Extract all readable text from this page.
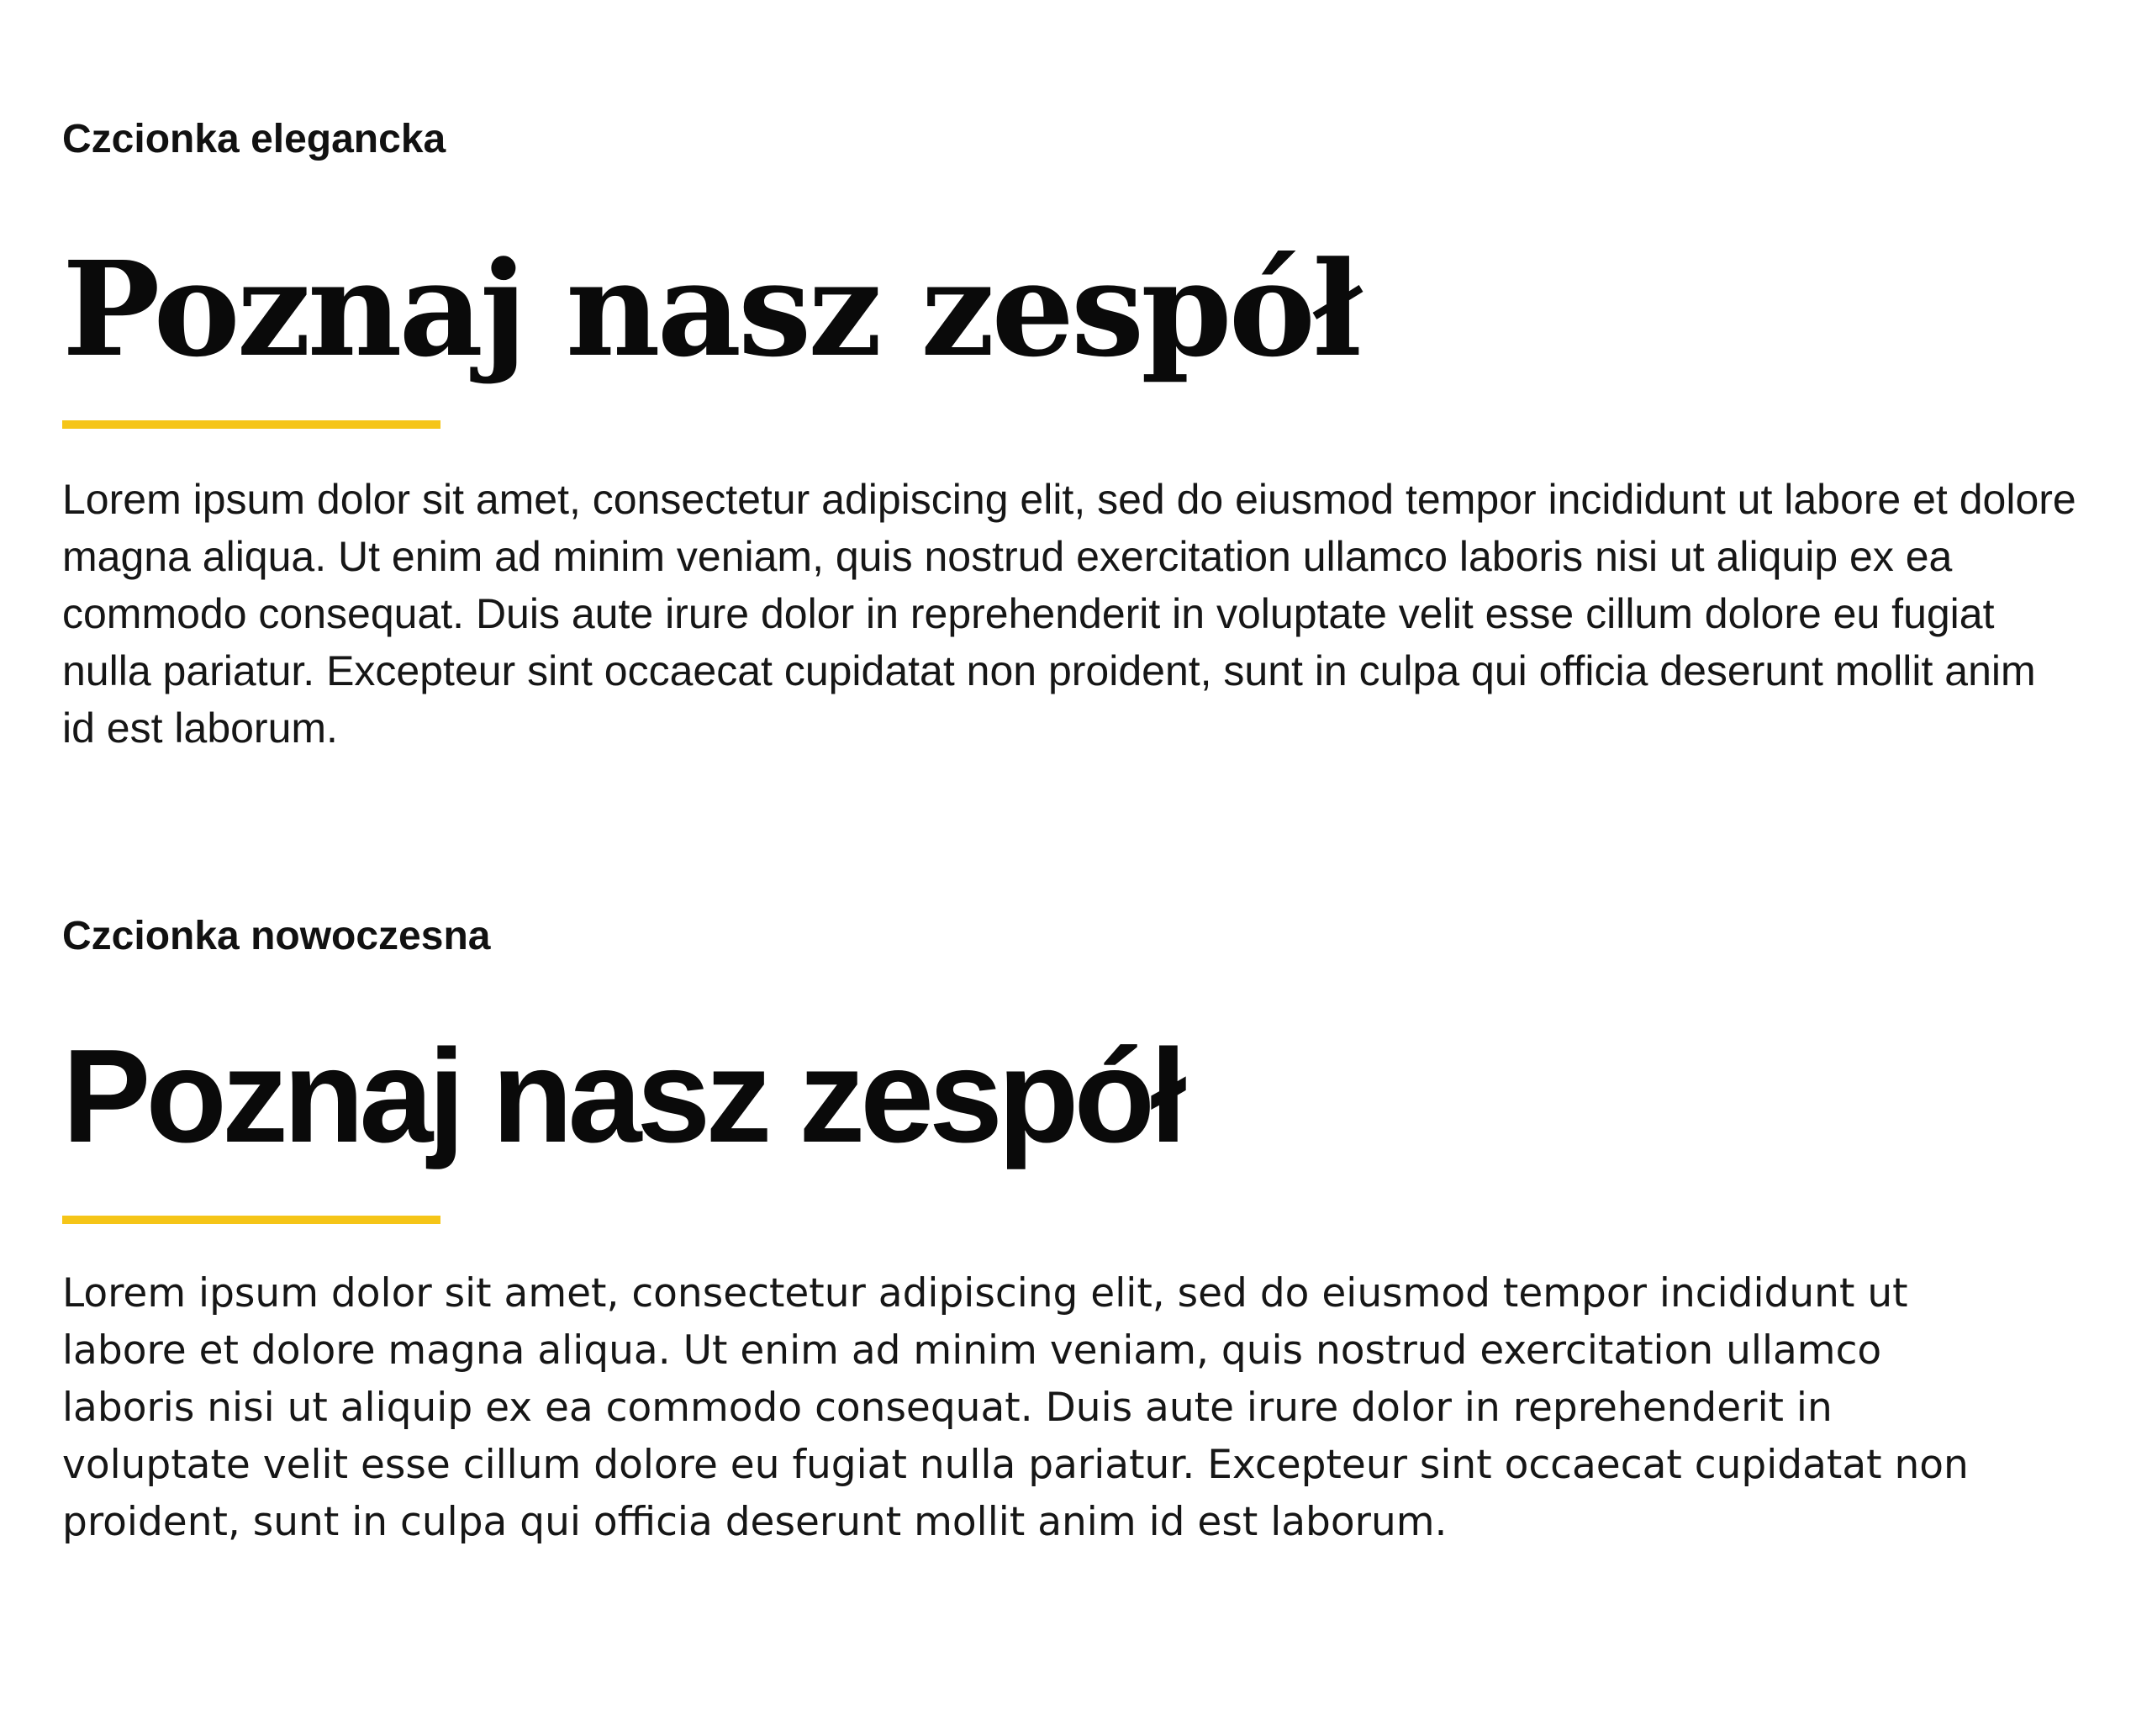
Czcionka elegancka

Poznaj nasz zespół

Lorem ipsum dolor sit amet, consectetur adipiscing elit, sed do eiusmod tempor incididunt ut labore et dolore magna aliqua. Ut enim ad minim veniam, quis nostrud exercitation ullamco laboris nisi ut aliquip ex ea commodo consequat. Duis aute irure dolor in reprehenderit in voluptate velit esse cillum dolore eu fugiat nulla pariatur. Excepteur sint occaecat cupidatat non proident, sunt in culpa qui officia deserunt mollit anim id est laborum.

Czcionka nowoczesna

Poznaj nasz zespół

Lorem ipsum dolor sit amet, consectetur adipiscing elit, sed do eiusmod tempor incididunt ut labore et dolore magna aliqua. Ut enim ad minim veniam, quis nostrud exercitation ullamco laboris nisi ut aliquip ex ea commodo consequat. Duis aute irure dolor in reprehenderit in voluptate velit esse cillum dolore eu fugiat nulla pariatur. Excepteur sint occaecat cupidatat non proident, sunt in culpa qui officia deserunt mollit anim id est laborum.
